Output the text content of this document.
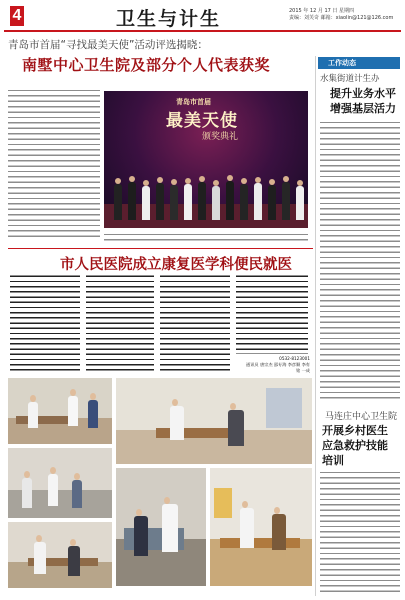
4	卫生与计生	2015 年 12 月 17 日 星期四
责编：刘芙奇 邮箱：xiaolin@121@126.com
青岛市首届“寻找最美天使”活动评选揭晓：
南墅中心卫生院及部分个人代表获奖
青岛市首届
最美天使
颁奖典礼
工作动态
水集街道计生办
提升业务水平
增强基层活力
市人民医院成立康复医学科便民就医
0532-8123001
通讯员 唐宗杰 邵专海 李彦顺 李有铭 一成
马连庄中心卫生院
开展乡村医生
应急救护技能
培训
